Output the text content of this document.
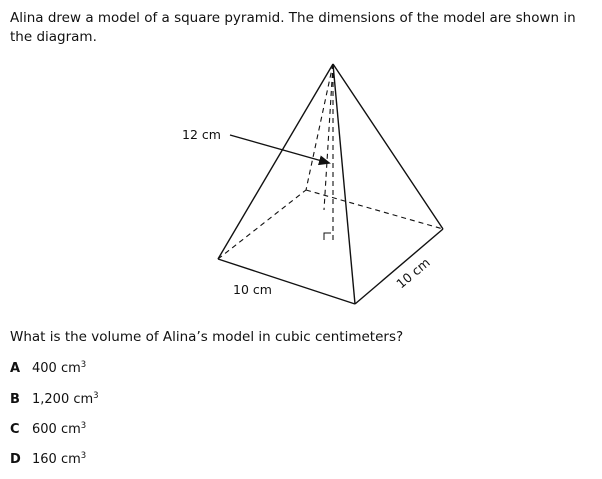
Alina drew a model of a square pyramid. The dimensions of the model are shown in the diagram.

12 cm
10 cm	10 cm

What is the volume of Alina’s model in cubic centimeters?

A 400 $cm^3$
B 1,200 $cm^3$
C 600 $cm^3$
D 160 $cm^3$
